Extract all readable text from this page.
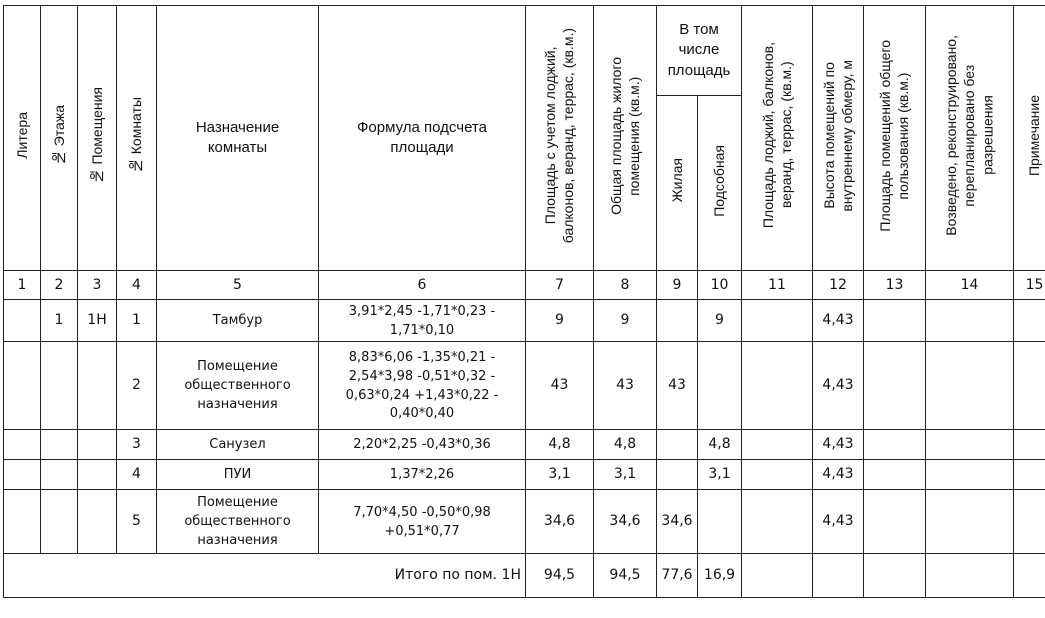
Литера	№ Этажа	№ Помещения	№ Комнаты	Назначение
комнаты	Формула подсчета
площади	Площадь с учетом лоджий,
балконов, веранд, террас, (кв.м.)	Общая площадь жилого
помещения (кв.м.)	В том
числе
площадь		Площадь лоджий, балконов,
веранд, террас, (кв.м.)	Высота помещений по
внутреннему обмеру, м	Площадь помещений общего
пользования (кв.м.)	Возведено, реконструировано,
перепланировано без
разрешения	Примечание
								Жилая	Подсобная					
1	2	3	4	5	6	7	8	9	10	11	12	13	14	15
	1	1Н	1	Тамбур	3,91*2,45 -1,71*0,23 -
1,71*0,10	9	9		9		4,43			
			2	Помещение
общественного
назначения	8,83*6,06 -1,35*0,21 -
2,54*3,98 -0,51*0,32 -
0,63*0,24 +1,43*0,22 -
0,40*0,40	43	43	43			4,43			
			3	Санузел	2,20*2,25 -0,43*0,36	4,8	4,8		4,8		4,43			
			4	ПУИ	1,37*2,26	3,1	3,1		3,1		4,43			
			5	Помещение
общественного
назначения	7,70*4,50 -0,50*0,98
+0,51*0,77	34,6	34,6	34,6			4,43			
Итого по пом. 1Н						94,5	94,5	77,6	16,9					
